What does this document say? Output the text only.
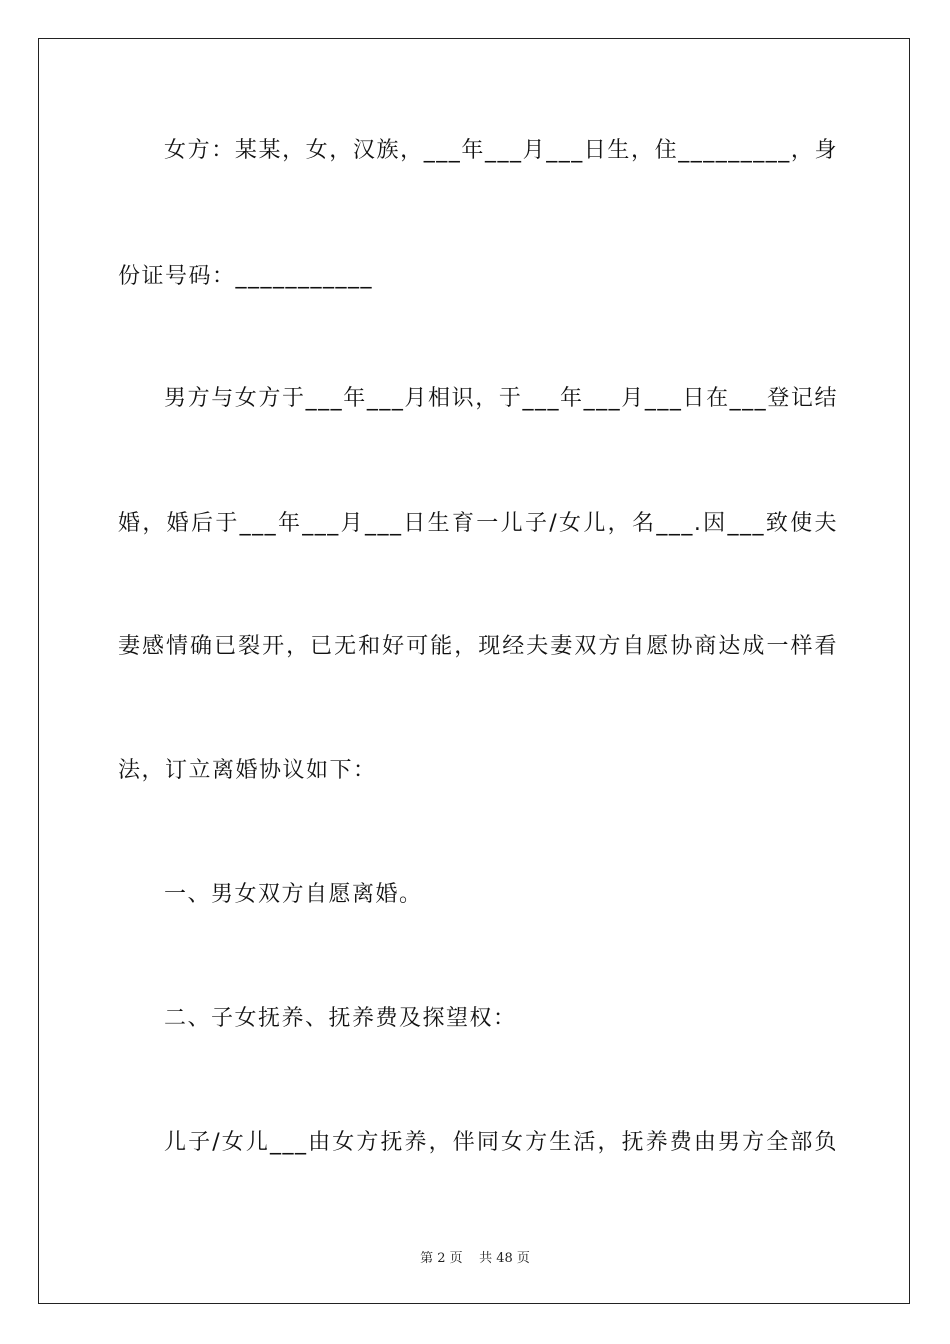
女方：某某，女，汉族，___年___月___日生，住_________，身
份证号码：___________
男方与女方于___年___月相识，于___年___月___日在___登记结
婚，婚后于___年___月___日生育一儿子/女儿，名___.因___致使夫
妻感情确已裂开，已无和好可能，现经夫妻双方自愿协商达成一样看
法，订立离婚协议如下：
一、男女双方自愿离婚。
二、子女抚养、抚养费及探望权：
儿子/女儿___由女方抚养，伴同女方生活，抚养费由男方全部负
第 2 页    共 48 页
